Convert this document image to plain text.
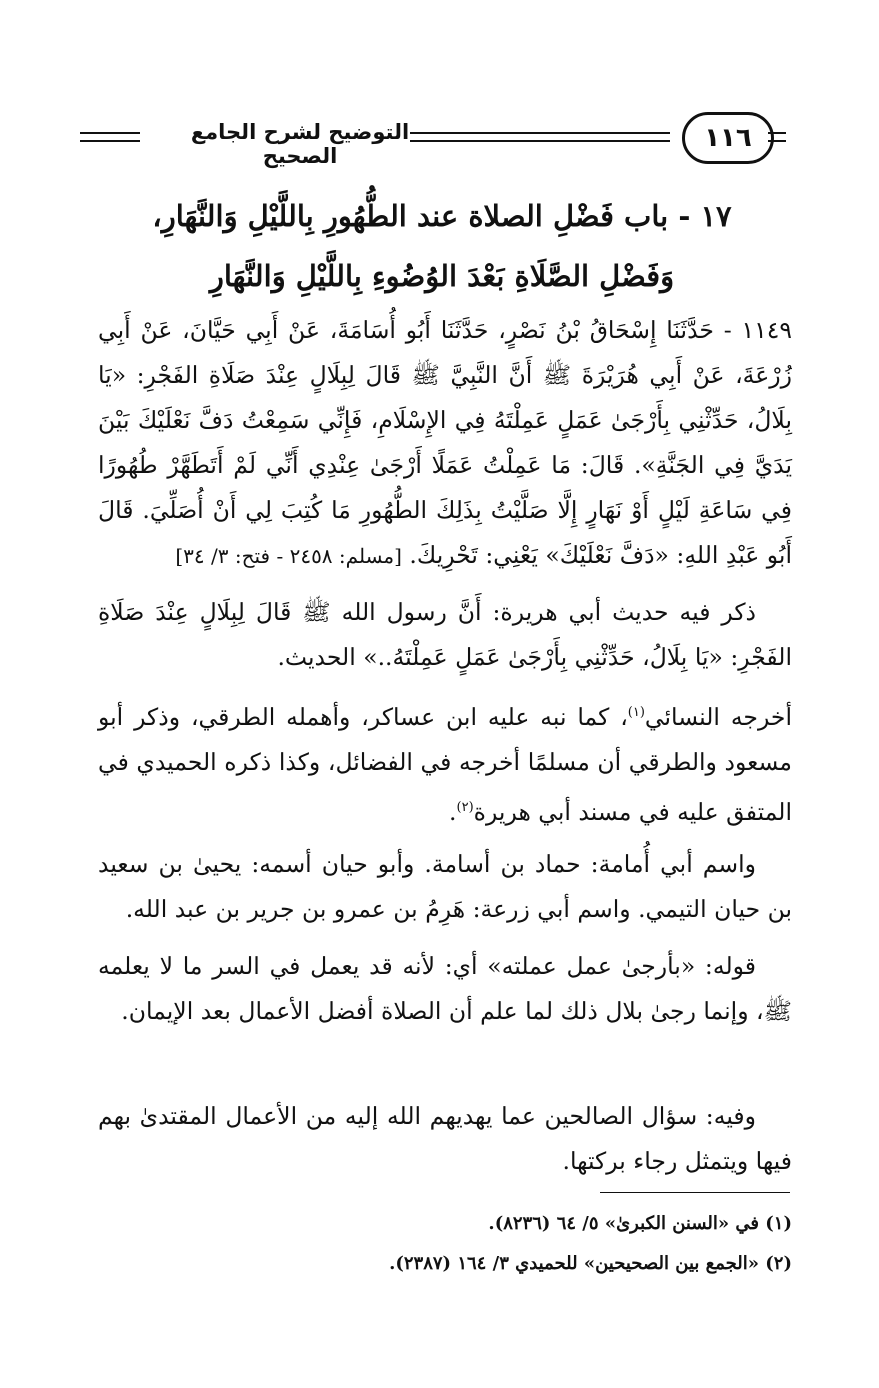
التوضيح لشرح الجامع الصحيح
١١٦
١٧ - باب فَضْلِ الصلاة عند الطُّهُورِ بِاللَّيْلِ وَالنَّهَارِ،
وَفَضْلِ الصَّلَاةِ بَعْدَ الوُضُوءِ بِاللَّيْلِ وَالنَّهَارِ
١١٤٩ - حَدَّثَنَا إِسْحَاقُ بْنُ نَصْرٍ، حَدَّثَنَا أَبُو أُسَامَةَ، عَنْ أَبِي حَيَّانَ، عَنْ أَبِي زُرْعَةَ، عَنْ أَبِي هُرَيْرَةَ ﷺ أَنَّ النَّبِيَّ ﷺ قَالَ لِبِلَالٍ عِنْدَ صَلَاةِ الفَجْرِ: «يَا بِلَالُ، حَدِّثْنِي بِأَرْجَىٰ عَمَلٍ عَمِلْتَهُ فِي الإِسْلَامِ، فَإِنِّي سَمِعْتُ دَفَّ نَعْلَيْكَ بَيْنَ يَدَيَّ فِي الجَنَّةِ». قَالَ: مَا عَمِلْتُ عَمَلًا أَرْجَىٰ عِنْدِي أَنِّي لَمْ أَتَطَهَّرْ طُهُورًا فِي سَاعَةِ لَيْلٍ أَوْ نَهَارٍ إِلَّا صَلَّيْتُ بِذَلِكَ الطُّهُورِ مَا كُتِبَ لِي أَنْ أُصَلِّيَ. قَالَ أَبُو عَبْدِ اللهِ: «دَفَّ نَعْلَيْكَ» يَعْنِي: تَحْرِيكَ. [مسلم: ٢٤٥٨ - فتح: ٣/ ٣٤]
ذكر فيه حديث أبي هريرة: أَنَّ رسول الله ﷺ قَالَ لِبِلَالٍ عِنْدَ صَلَاةِ الفَجْرِ: «يَا بِلَالُ، حَدِّثْنِي بِأَرْجَىٰ عَمَلٍ عَمِلْتَهُ..» الحديث.
أخرجه النسائي$^{(١)}$، كما نبه عليه ابن عساكر، وأهمله الطرقي، وذكر أبو مسعود والطرقي أن مسلمًا أخرجه في الفضائل، وكذا ذكره الحميدي في المتفق عليه في مسند أبي هريرة$^{(٢)}$.
واسم أبي أُمامة: حماد بن أسامة. وأبو حيان أسمه: يحيىٰ بن سعيد بن حيان التيمي. واسم أبي زرعة: هَرِمُ بن عمرو بن جرير بن عبد الله.
قوله: «بأرجىٰ عمل عملته» أي: لأنه قد يعمل في السر ما لا يعلمه ﷺ، وإنما رجىٰ بلال ذلك لما علم أن الصلاة أفضل الأعمال بعد الإيمان.
وفيه: سؤال الصالحين عما يهديهم الله إليه من الأعمال المقتدىٰ بهم فيها ويتمثل رجاء بركتها.
(١) في «السنن الكبرىٰ» ٥/ ٦٤ (٨٢٣٦).
(٢) «الجمع بين الصحيحين» للحميدي ٣/ ١٦٤ (٢٣٨٧).
